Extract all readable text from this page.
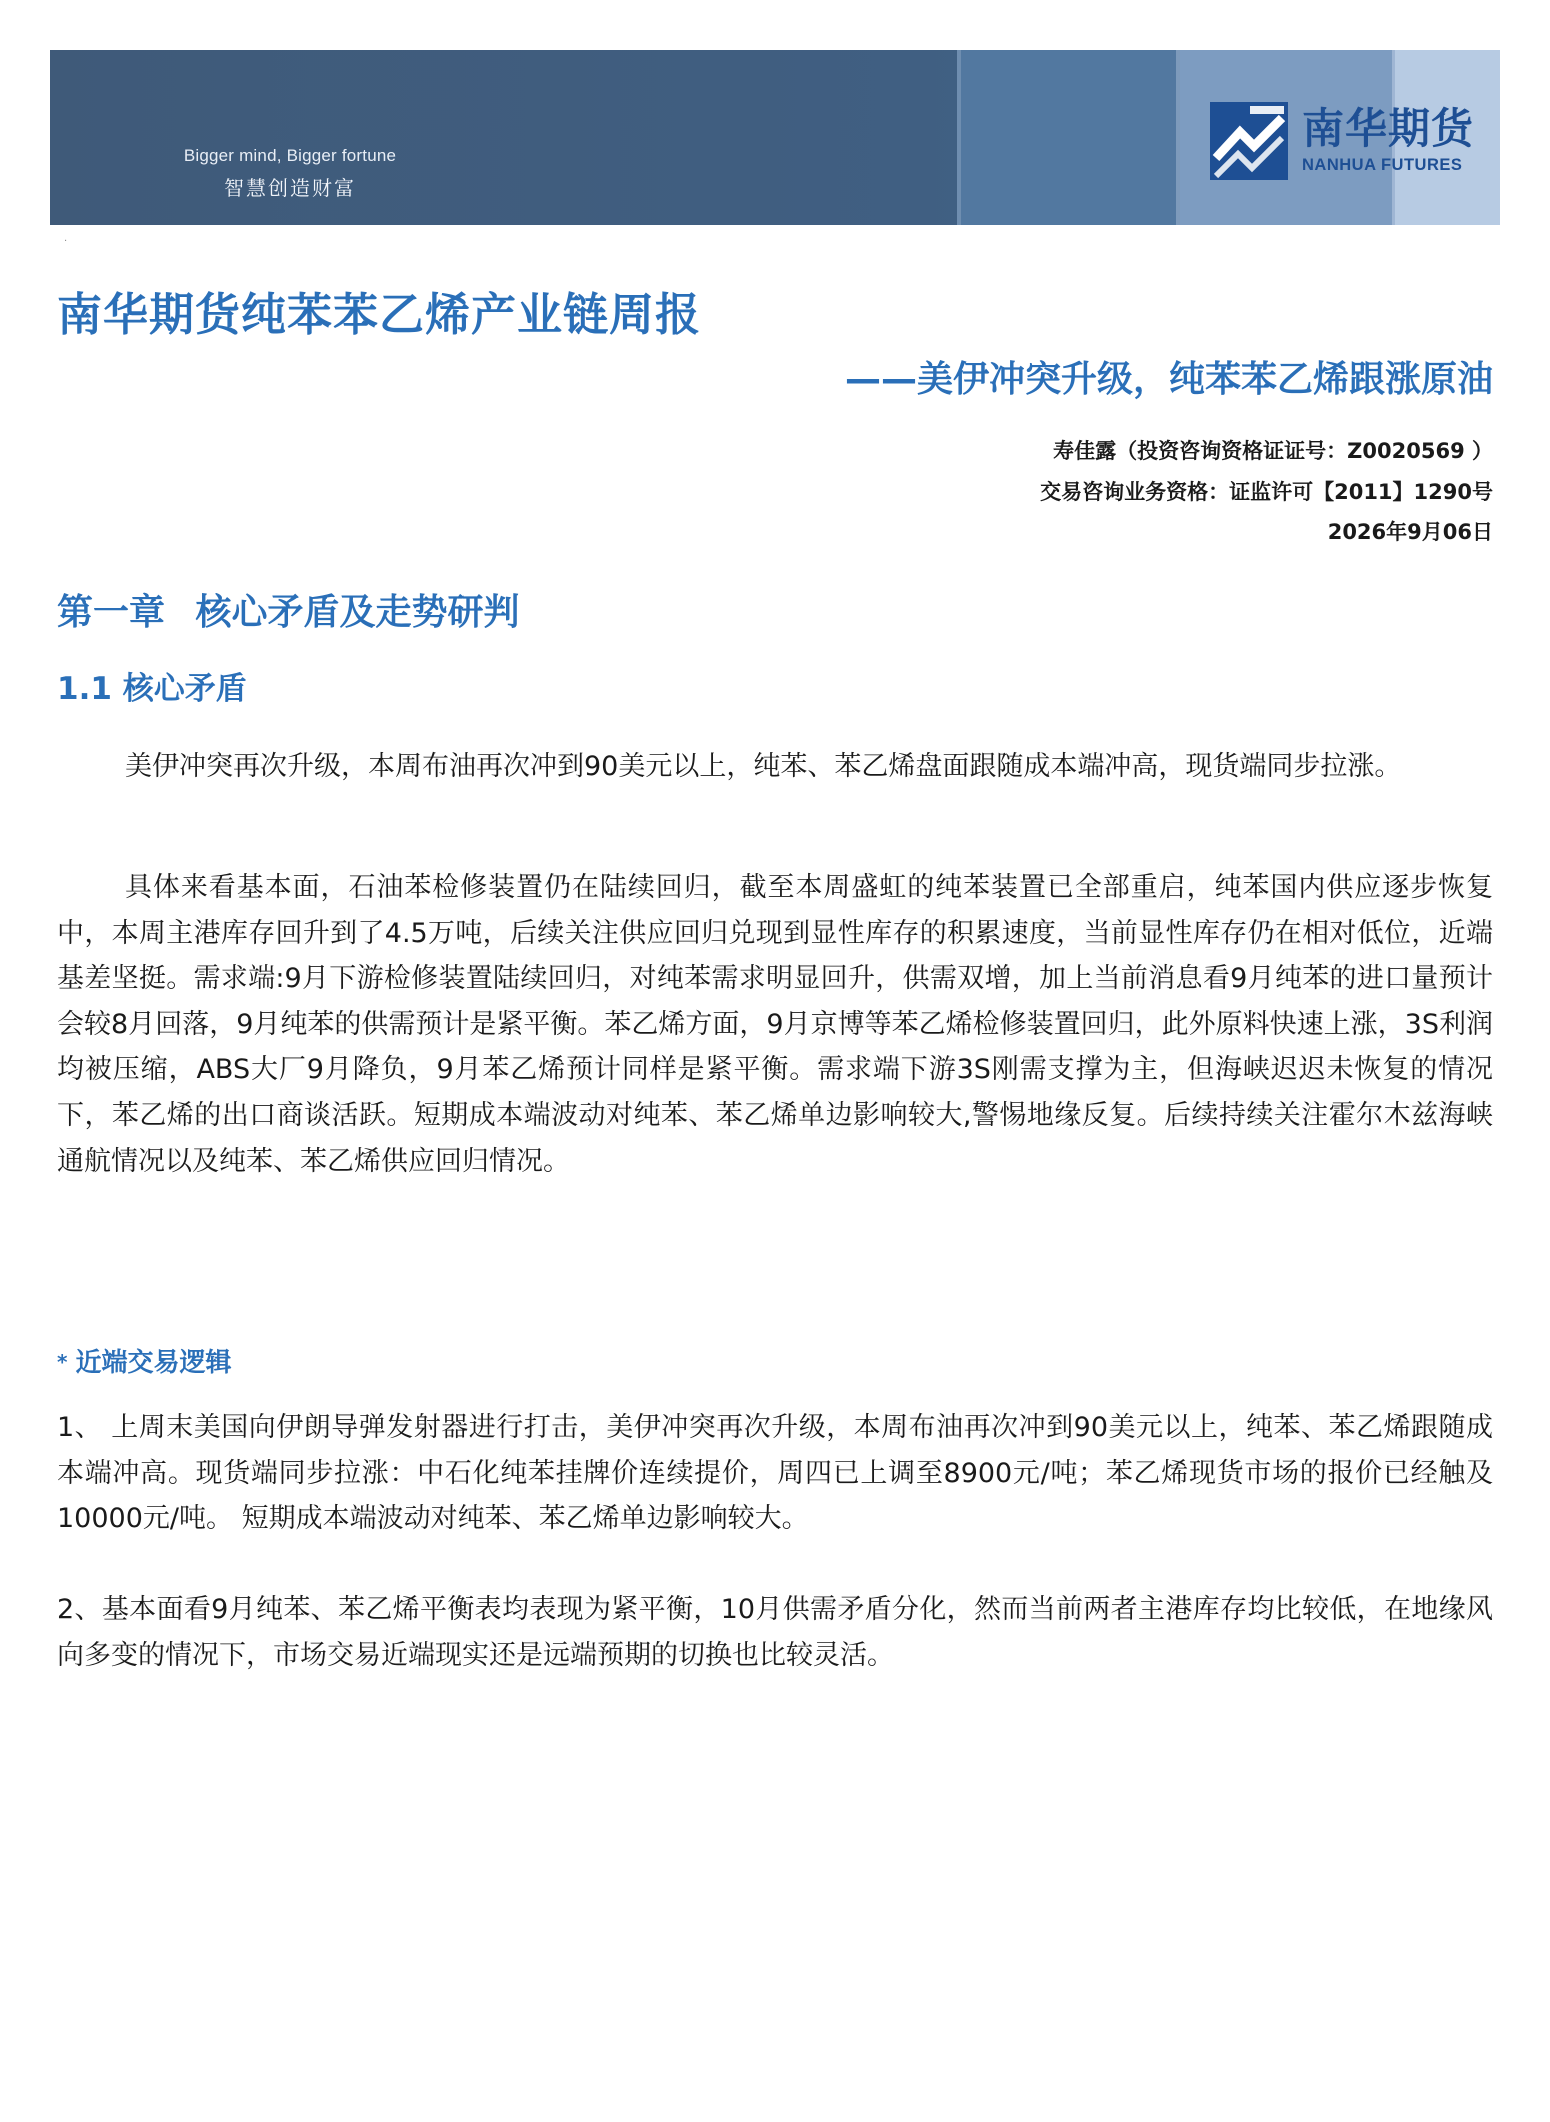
Bigger mind, Bigger fortune
智慧创造财富
南华期货
NANHUA FUTURES
·
南华期货纯苯苯乙烯产业链周报
——美伊冲突升级，纯苯苯乙烯跟涨原油
寿佳露（投资咨询资格证证号：Z0020569 ）
交易咨询业务资格：证监许可【2011】1290号
2026年9月06日
第一章 核心矛盾及走势研判
1.1 核心矛盾

美伊冲突再次升级，本周布油再次冲到90美元以上，纯苯、苯乙烯盘面跟随成本端冲高，现货端同步拉涨。

具体来看基本面，石油苯检修装置仍在陆续回归，截至本周盛虹的纯苯装置已全部重启，纯苯国内供应逐步恢复中，本周主港库存回升到了4.5万吨，后续关注供应回归兑现到显性库存的积累速度，当前显性库存仍在相对低位，近端基差坚挺。需求端:9月下游检修装置陆续回归，对纯苯需求明显回升，供需双增，加上当前消息看9月纯苯的进口量预计会较8月回落，9月纯苯的供需预计是紧平衡。苯乙烯方面，9月京博等苯乙烯检修装置回归，此外原料快速上涨，3S利润均被压缩，ABS大厂9月降负，9月苯乙烯预计同样是紧平衡。需求端下游3S刚需支撑为主，但海峡迟迟未恢复的情况下，苯乙烯的出口商谈活跃。短期成本端波动对纯苯、苯乙烯单边影响较大,警惕地缘反复。后续持续关注霍尔木兹海峡通航情况以及纯苯、苯乙烯供应回归情况。

* 近端交易逻辑

1、 上周末美国向伊朗导弹发射器进行打击，美伊冲突再次升级，本周布油再次冲到90美元以上，纯苯、苯乙烯跟随成本端冲高。现货端同步拉涨：中石化纯苯挂牌价连续提价，周四已上调至8900元/吨；苯乙烯现货市场的报价已经触及10000元/吨。 短期成本端波动对纯苯、苯乙烯单边影响较大。

2、基本面看9月纯苯、苯乙烯平衡表均表现为紧平衡，10月供需矛盾分化，然而当前两者主港库存均比较低，在地缘风向多变的情况下，市场交易近端现实还是远端预期的切换也比较灵活。
